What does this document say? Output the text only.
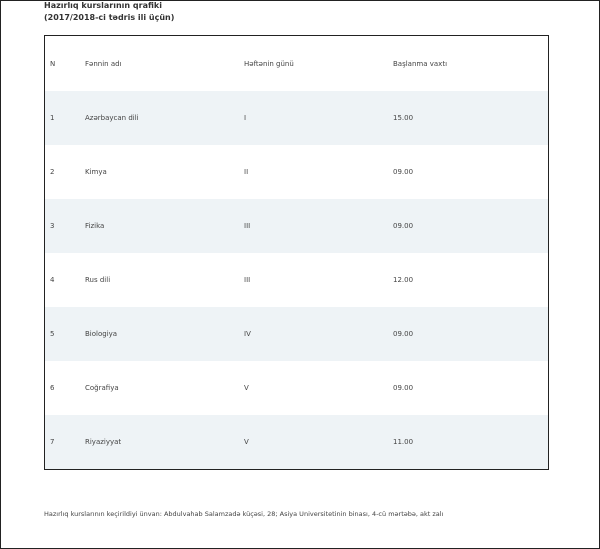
Hazırlıq kurslarının qrafiki
(2017/2018-ci tədris ili üçün)
N	Fənnin adı	Həftənin günü	Başlanma vaxtı
1	Azərbaycan dili	I	15.00
2	Kimya	II	09.00
3	Fizika	III	09.00
4	Rus dili	III	12.00
5	Biologiya	IV	09.00
6	Coğrafiya	V	09.00
7	Riyaziyyat	V	11.00

Hazırlıq kurslarının keçirildiyi ünvan: Abdulvahab Salamzadə küçəsi, 28; Asiya Universitetinin binası, 4-cü mərtəbə, akt zalı
